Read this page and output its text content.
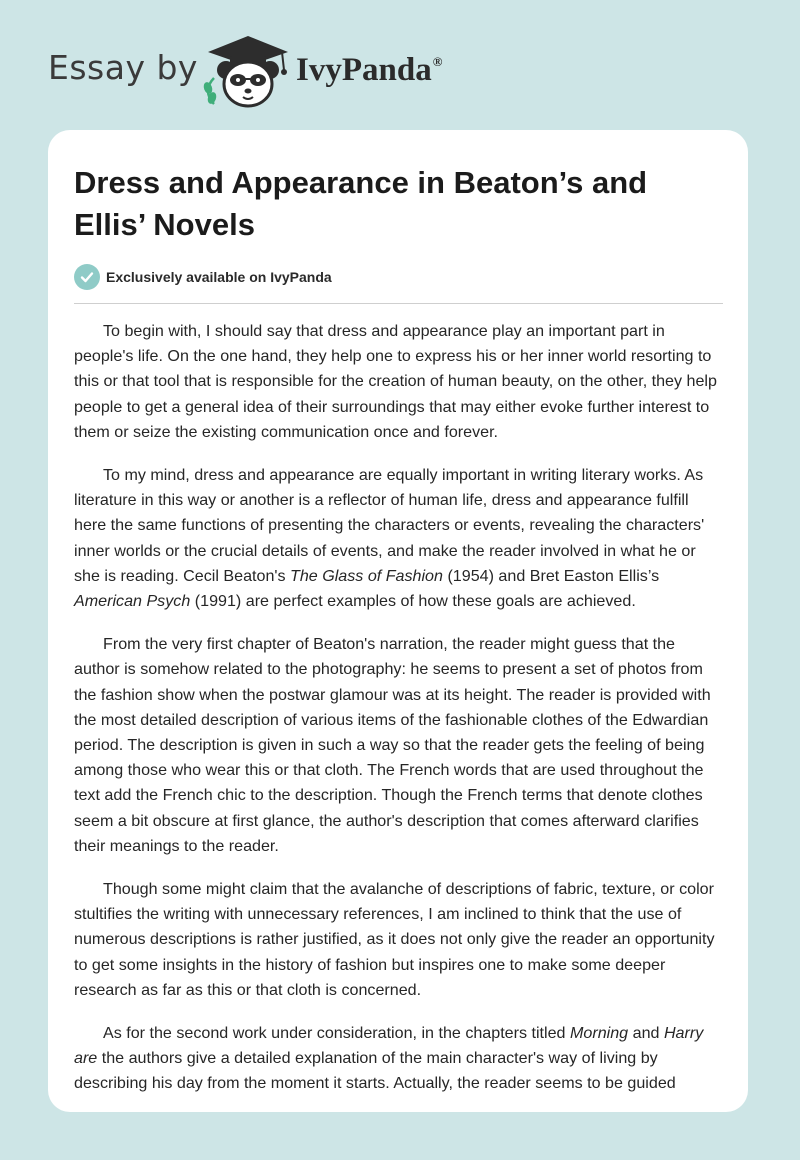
Essay by	IvyPanda®
Dress and Appearance in Beaton’s and Ellis’ Novels
Exclusively available on IvyPanda

To begin with, I should say that dress and appearance play an important part in people's life. On the one hand, they help one to express his or her inner world resorting to this or that tool that is responsible for the creation of human beauty, on the other, they help people to get a general idea of their surroundings that may either evoke further interest to them or seize the existing communication once and forever.

To my mind, dress and appearance are equally important in writing literary works. As literature in this way or another is a reflector of human life, dress and appearance fulfill here the same functions of presenting the characters or events, revealing the characters' inner worlds or the crucial details of events, and make the reader involved in what he or she is reading. Cecil Beaton's The Glass of Fashion (1954) and Bret Easton Ellis’s American Psych (1991) are perfect examples of how these goals are achieved.

From the very first chapter of Beaton's narration, the reader might guess that the author is somehow related to the photography: he seems to present a set of photos from the fashion show when the postwar glamour was at its height. The reader is provided with the most detailed description of various items of the fashionable clothes of the Edwardian period. The description is given in such a way so that the reader gets the feeling of being among those who wear this or that cloth. The French words that are used throughout the text add the French chic to the description. Though the French terms that denote clothes seem a bit obscure at first glance, the author's description that comes afterward clarifies their meanings to the reader.

Though some might claim that the avalanche of descriptions of fabric, texture, or color stultifies the writing with unnecessary references, I am inclined to think that the use of numerous descriptions is rather justified, as it does not only give the reader an opportunity to get some insights in the history of fashion but inspires one to make some deeper research as far as this or that cloth is concerned.

As for the second work under consideration, in the chapters titled Morning and Harry are the authors give a detailed explanation of the main character's way of living by describing his day from the moment it starts. Actually, the reader seems to be guided
